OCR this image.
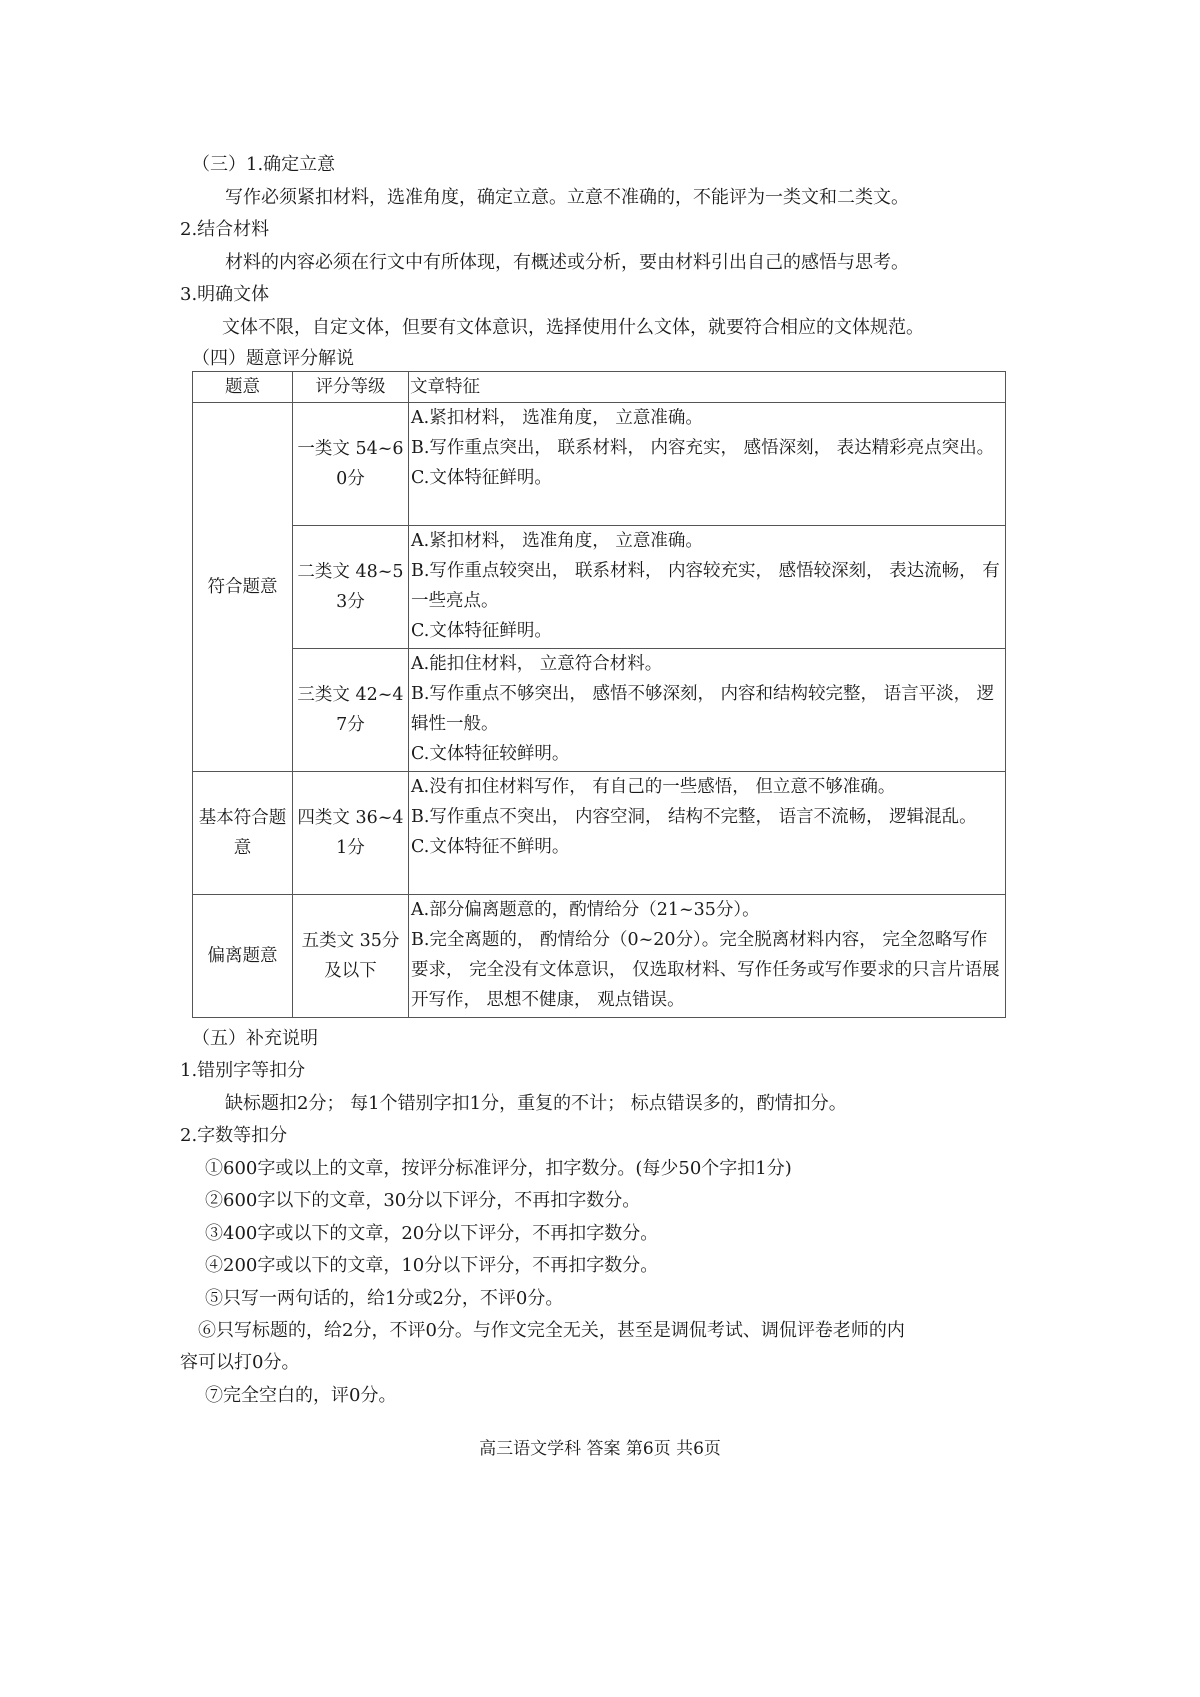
（三）1.确定立意
写作必须紧扣材料，选准角度，确定立意。立意不准确的，不能评为一类文和二类文。
2.结合材料
材料的内容必须在行文中有所体现，有概述或分析，要由材料引出自己的感悟与思考。
3.明确文体
文体不限，自定文体，但要有文体意识，选择使用什么文体，就要符合相应的文体规范。
（四）题意评分解说
题意	评分等级	文章特征
符合题意	一类文 54~60分	A.紧扣材料， 选准角度， 立意准确。
B.写作重点突出， 联系材料， 内容充实， 感悟深刻， 表达精彩亮点突出。
C.文体特征鲜明。

	二类文 48~53分	A.紧扣材料， 选准角度， 立意准确。
B.写作重点较突出， 联系材料， 内容较充实， 感悟较深刻， 表达流畅， 有一些亮点。
C.文体特征鲜明。

	三类文 42~47分	A.能扣住材料， 立意符合材料。
B.写作重点不够突出， 感悟不够深刻， 内容和结构较完整， 语言平淡， 逻辑性一般。
C.文体特征较鲜明。

基本符合题意	四类文 36~41分	A.没有扣住材料写作， 有自己的一些感悟， 但立意不够准确。
B.写作重点不突出， 内容空洞， 结构不完整， 语言不流畅， 逻辑混乱。
C.文体特征不鲜明。

偏离题意	五类文 35分及以下	A.部分偏离题意的，酌情给分（21~35分）。
B.完全离题的， 酌情给分（0~20分）。完全脱离材料内容， 完全忽略写作要求， 完全没有文体意识， 仅选取材料、写作任务或写作要求的只言片语展开写作， 思想不健康， 观点错误。
（五）补充说明
1.错别字等扣分
缺标题扣2分； 每1个错别字扣1分，重复的不计； 标点错误多的，酌情扣分。
2.字数等扣分
①600字或以上的文章，按评分标准评分，扣字数分。(每少50个字扣1分)
②600字以下的文章，30分以下评分，不再扣字数分。
③400字或以下的文章，20分以下评分，不再扣字数分。
④200字或以下的文章，10分以下评分，不再扣字数分。
⑤只写一两句话的，给1分或2分，不评0分。
⑥只写标题的，给2分，不评0分。与作文完全无关，甚至是调侃考试、调侃评卷老师的内
容可以打0分。
⑦完全空白的，评0分。
高三语文学科 答案 第6页 共6页
